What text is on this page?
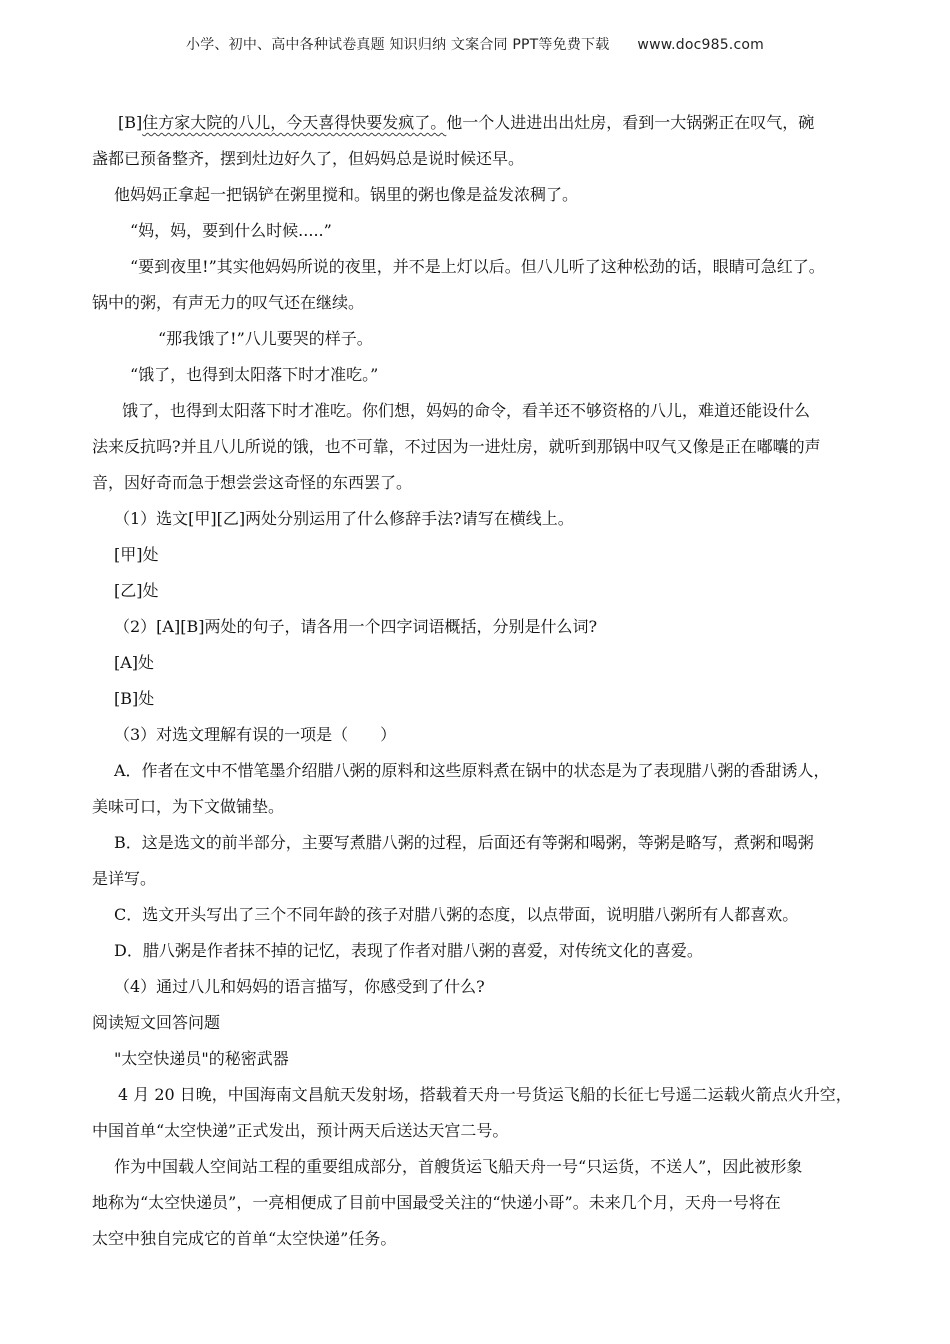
小学、初中、高中各种试卷真题 知识归纳 文案合同 PPT等免费下载 www.doc985.com
[B]住方家大院的八儿，今天喜得快要发疯了。他一个人进进出出灶房，看到一大锅粥正在叹气，碗
盏都已预备整齐，摆到灶边好久了，但妈妈总是说时候还早。
他妈妈正拿起一把锅铲在粥里搅和。锅里的粥也像是益发浓稠了。
“妈，妈，要到什么时候.....”
“要到夜里!”其实他妈妈所说的夜里，并不是上灯以后。但八儿听了这种松劲的话，眼睛可急红了。
锅中的粥，有声无力的叹气还在继续。
“那我饿了!”八儿要哭的样子。
“饿了，也得到太阳落下时才准吃。”
饿了，也得到太阳落下时才准吃。你们想，妈妈的命令，看羊还不够资格的八儿，难道还能设什么
法来反抗吗?并且八儿所说的饿，也不可靠，不过因为一进灶房，就听到那锅中叹气又像是正在嘟囔的声
音，因好奇而急于想尝尝这奇怪的东西罢了。
（1）选文[甲][乙]两处分别运用了什么修辞手法?请写在横线上。
[甲]处
[乙]处
（2）[A][B]两处的句子，请各用一个四字词语概括，分别是什么词?
[A]处
[B]处
（3）对选文理解有误的一项是（　　）
A．作者在文中不惜笔墨介绍腊八粥的原料和这些原料煮在锅中的状态是为了表现腊八粥的香甜诱人，
美味可口，为下文做铺垫。
B．这是选文的前半部分，主要写煮腊八粥的过程，后面还有等粥和喝粥，等粥是略写，煮粥和喝粥
是详写。
C．选文开头写出了三个不同年龄的孩子对腊八粥的态度，以点带面，说明腊八粥所有人都喜欢。
D．腊八粥是作者抹不掉的记忆，表现了作者对腊八粥的喜爱，对传统文化的喜爱。
（4）通过八儿和妈妈的语言描写，你感受到了什么?
阅读短文回答问题
"太空快递员"的秘密武器
4 月 20 日晚，中国海南文昌航天发射场，搭载着天舟一号货运飞船的长征七号遥二运载火箭点火升空，
中国首单“太空快递”正式发出，预计两天后送达天宫二号。
作为中国载人空间站工程的重要组成部分，首艘货运飞船天舟一号“只运货，不送人”，因此被形象
地称为“太空快递员”，一亮相便成了目前中国最受关注的“快递小哥”。未来几个月，天舟一号将在
太空中独自完成它的首单“太空快递”任务。
